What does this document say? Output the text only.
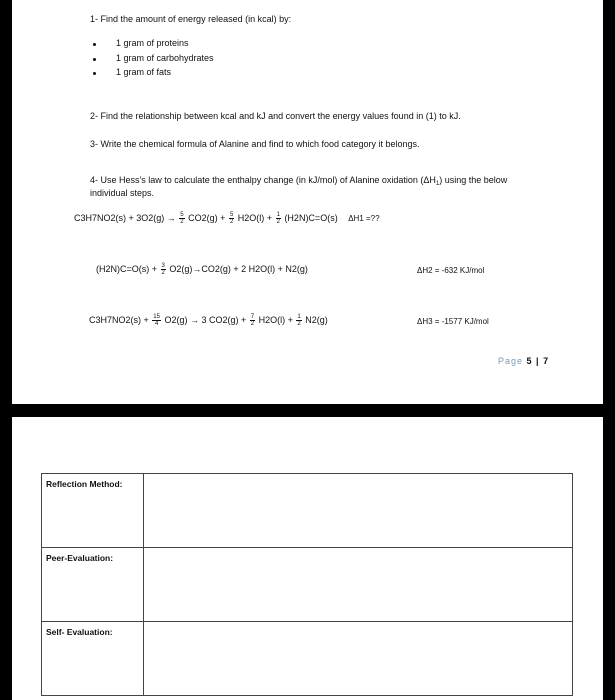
1- Find the amount of energy released (in kcal) by:
1 gram of proteins
1 gram of carbohydrates
1 gram of fats
2- Find the relationship between kcal and kJ and convert the energy values found in (1) to kJ.
3- Write the chemical formula of Alanine and find to which food category it belongs.
4- Use Hess's law to calculate the enthalpy change (in kJ/mol) of Alanine oxidation $(\Delta H_1)$ using the below
individual steps.
$C3H7NO2(s) + 3O2(g) \to \frac{5}{2} CO2(g) + \frac{5}{2} H2O(l) + \frac{1}{2} (H2N)C=O(s)$ ΔH1 =??
$(H2N)C=O(s) + \frac{3}{2} O2(g)\to CO2(g) + 2$ H2O(l) + N2(g)	ΔH2 = -632 KJ/mol
$C3H7NO2(s) + \frac{15}{4} O2(g) \to 3$ $CO2(g) + \frac{7}{2} H2O(l) + \frac{1}{2} N2(g)$	ΔH3 = -1577 KJ/mol
Page 5 | 7
Reflection Method:	
Peer-Evaluation:	
Self- Evaluation:	
